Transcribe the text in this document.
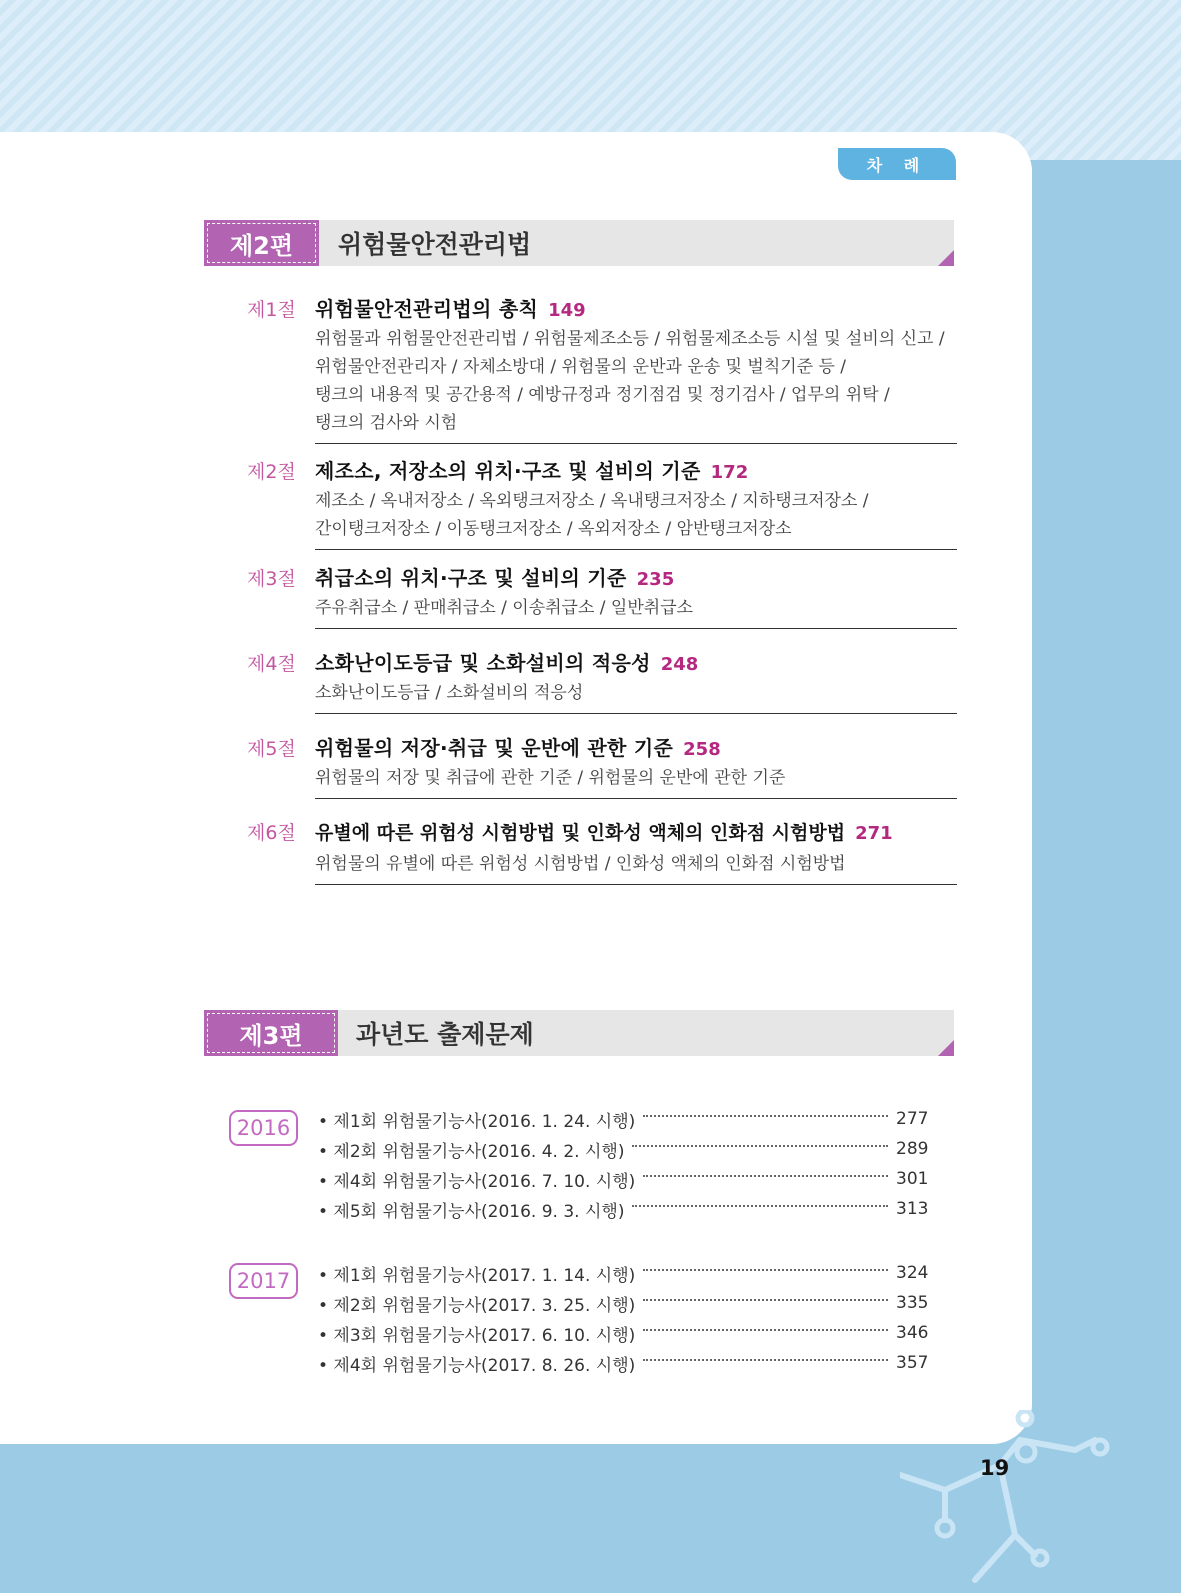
차 례
제2편	위험물안전관리법
제1절 위험물안전관리법의 총칙 149
위험물과 위험물안전관리법 / 위험물제조소등 / 위험물제조소등 시설 및 설비의 신고 /
위험물안전관리자 / 자체소방대 / 위험물의 운반과 운송 및 벌칙기준 등 /
탱크의 내용적 및 공간용적 / 예방규정과 정기점검 및 정기검사 / 업무의 위탁 /
탱크의 검사와 시험
제2절 제조소, 저장소의 위치·구조 및 설비의 기준 172
제조소 / 옥내저장소 / 옥외탱크저장소 / 옥내탱크저장소 / 지하탱크저장소 /
간이탱크저장소 / 이동탱크저장소 / 옥외저장소 / 암반탱크저장소
제3절 취급소의 위치·구조 및 설비의 기준 235
주유취급소 / 판매취급소 / 이송취급소 / 일반취급소
제4절 소화난이도등급 및 소화설비의 적응성 248
소화난이도등급 / 소화설비의 적응성
제5절 위험물의 저장·취급 및 운반에 관한 기준 258
위험물의 저장 및 취급에 관한 기준 / 위험물의 운반에 관한 기준
제6절	유별에 따른 위험성 시험방법 및 인화성 액체의 인화점 시험방법 271
위험물의 유별에 따른 위험성 시험방법 / 인화성 액체의 인화점 시험방법
제3편	과년도 출제문제
2016	• 제1회 위험물기능사(2016. 1. 24. 시행)	277
• 제2회 위험물기능사(2016. 4. 2. 시행)	289
• 제4회 위험물기능사(2016. 7. 10. 시행)	301
• 제5회 위험물기능사(2016. 9. 3. 시행)	313
2017	• 제1회 위험물기능사(2017. 1. 14. 시행)	324
• 제2회 위험물기능사(2017. 3. 25. 시행)	335
• 제3회 위험물기능사(2017. 6. 10. 시행)	346
• 제4회 위험물기능사(2017. 8. 26. 시행)	357
19
